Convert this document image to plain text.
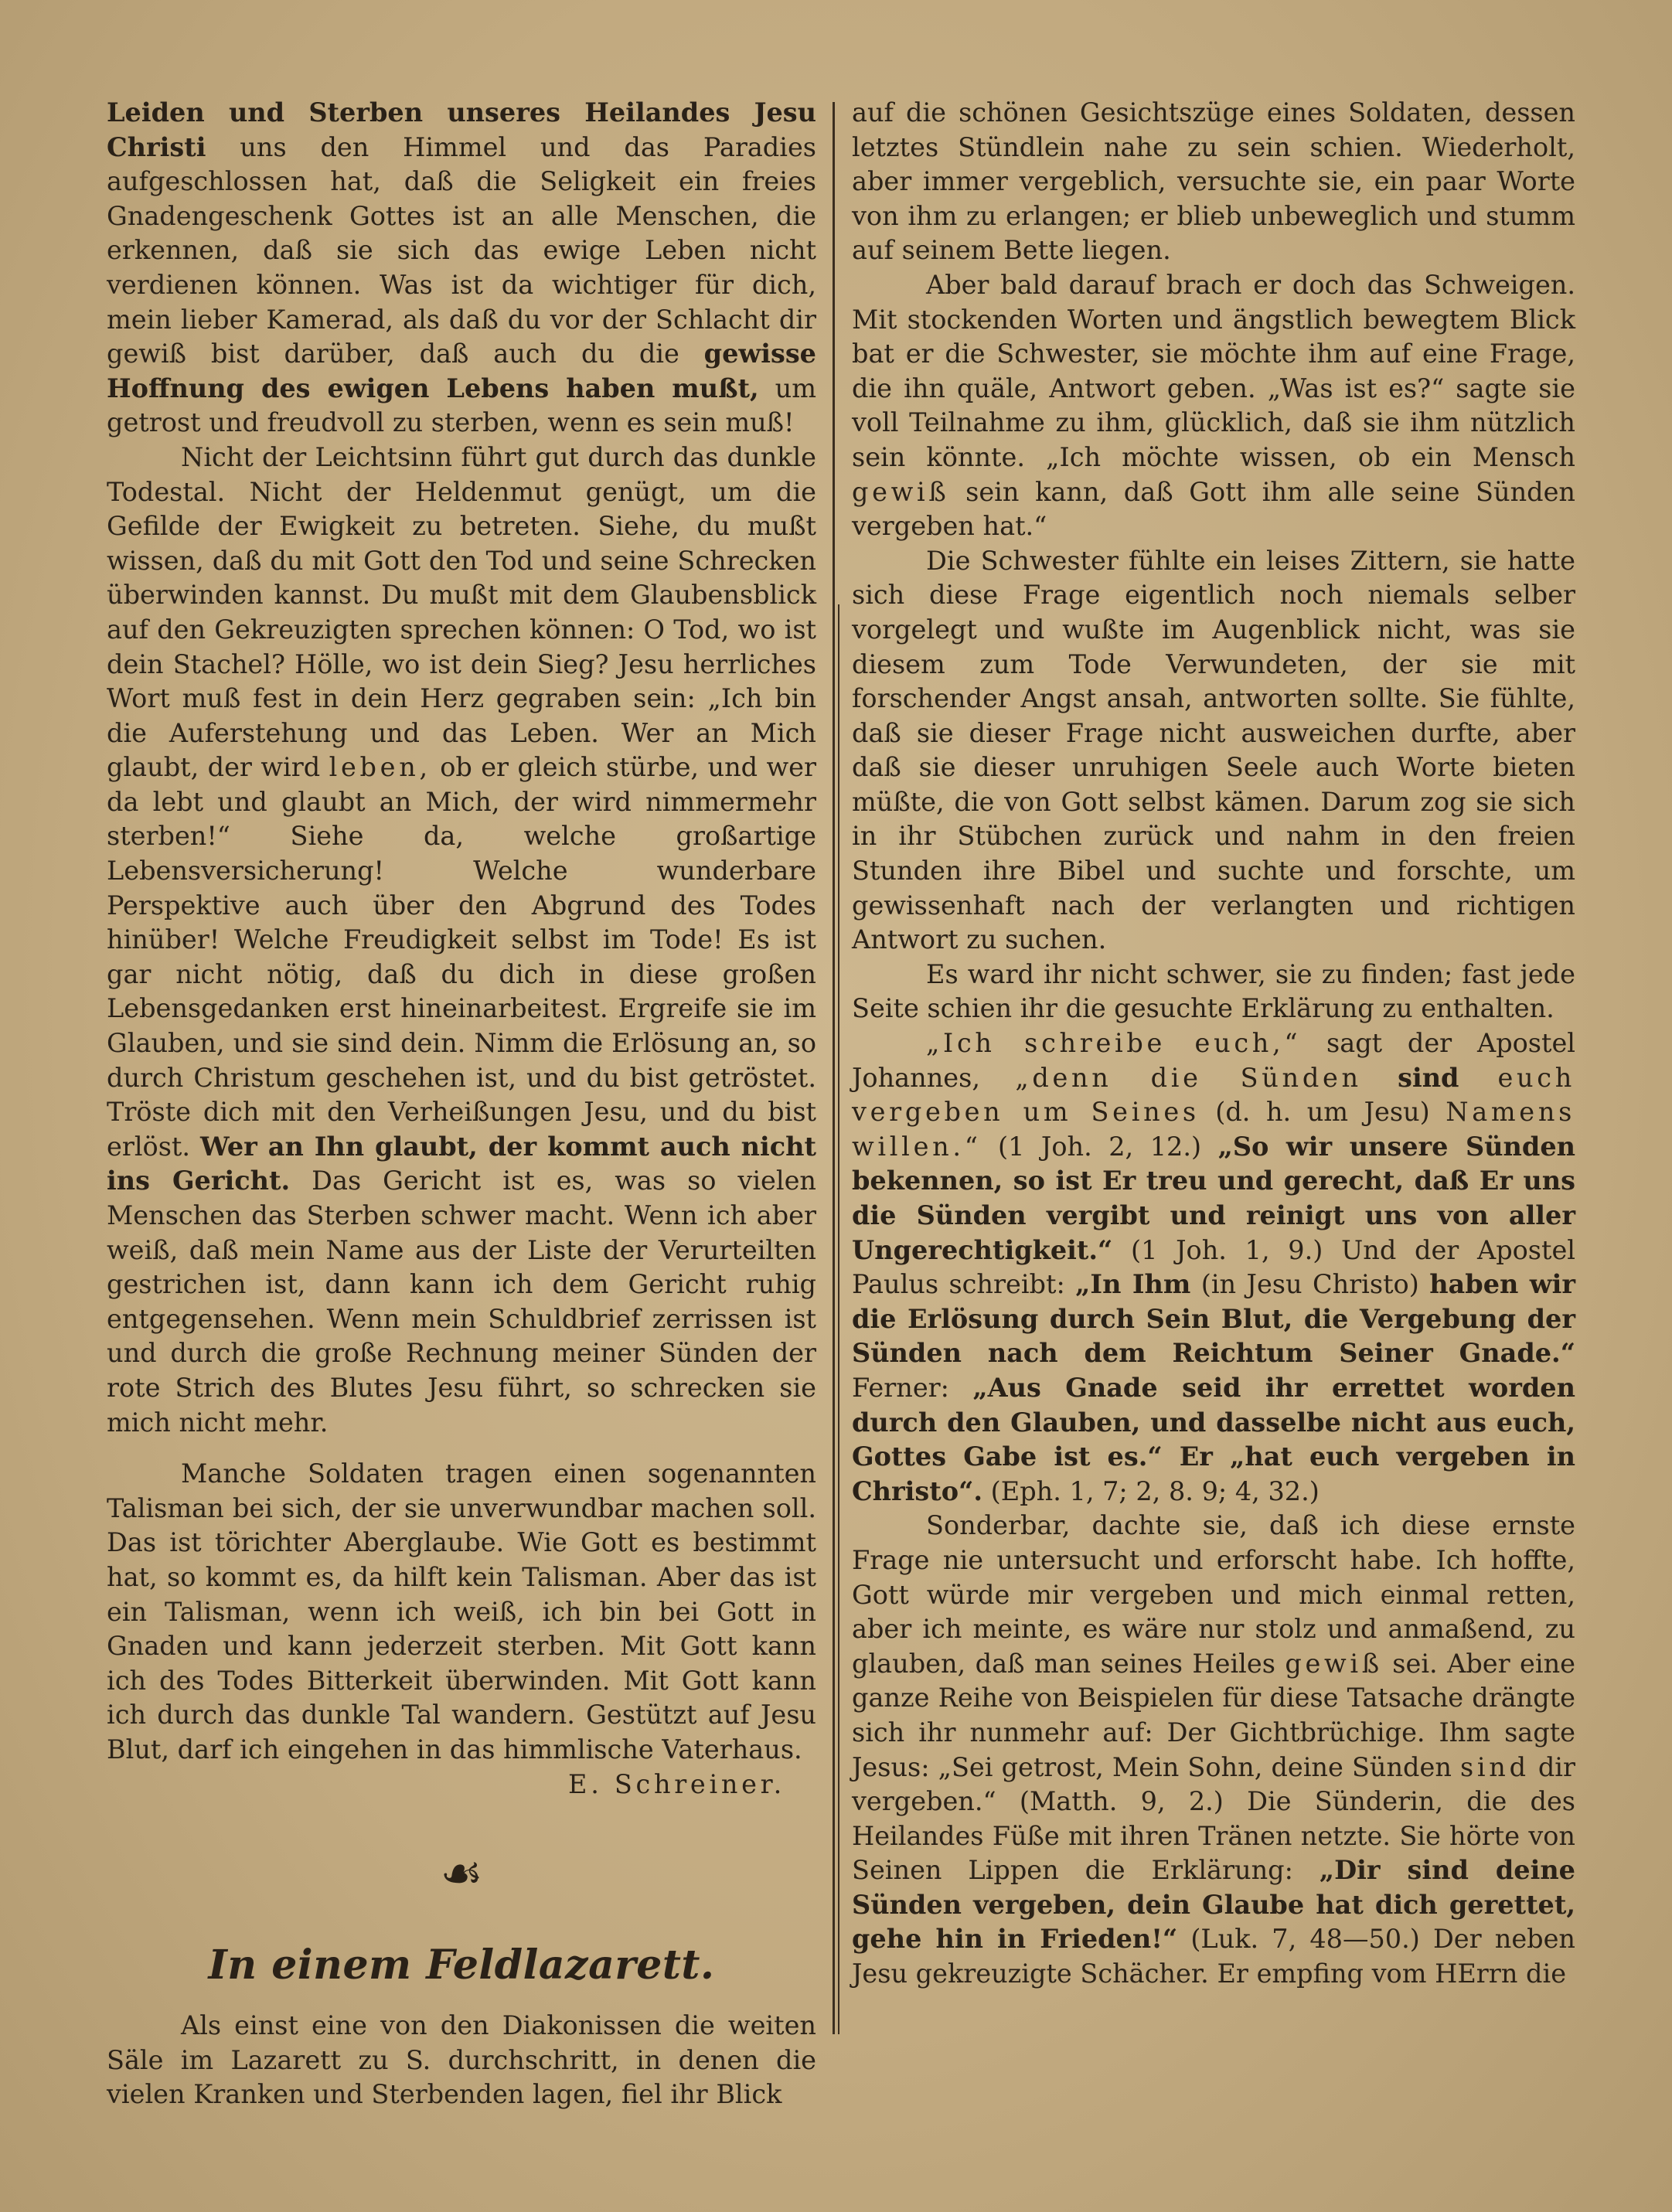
Leiden und Sterben unseres Heilandes Jesu Christi uns den Himmel und das Paradies aufgeschlossen hat, daß die Seligkeit ein freies Gnadengeschenk Gottes ist an alle Menschen, die erkennen, daß sie sich das ewige Leben nicht verdienen können. Was ist da wichtiger für dich, mein lieber Kamerad, als daß du vor der Schlacht dir gewiß bist darüber, daß auch du die gewisse Hoffnung des ewigen Lebens haben mußt, um getrost und freudvoll zu sterben, wenn es sein muß!

Nicht der Leichtsinn führt gut durch das dunkle Todestal. Nicht der Heldenmut genügt, um die Gefilde der Ewigkeit zu betreten. Siehe, du mußt wissen, daß du mit Gott den Tod und seine Schrecken überwinden kannst. Du mußt mit dem Glaubensblick auf den Gekreuzigten sprechen können: O Tod, wo ist dein Stachel? Hölle, wo ist dein Sieg? Jesu herrliches Wort muß fest in dein Herz gegraben sein: „Ich bin die Auferstehung und das Leben. Wer an Mich glaubt, der wird leben, ob er gleich stürbe, und wer da lebt und glaubt an Mich, der wird nimmermehr sterben!“ Siehe da, welche großartige Lebensversicherung! Welche wunderbare Perspektive auch über den Abgrund des Todes hinüber! Welche Freudigkeit selbst im Tode! Es ist gar nicht nötig, daß du dich in diese großen Lebensgedanken erst hineinarbeitest. Ergreife sie im Glauben, und sie sind dein. Nimm die Erlösung an, so durch Christum geschehen ist, und du bist getröstet. Tröste dich mit den Verheißungen Jesu, und du bist erlöst. Wer an Ihn glaubt, der kommt auch nicht ins Gericht. Das Gericht ist es, was so vielen Menschen das Sterben schwer macht. Wenn ich aber weiß, daß mein Name aus der Liste der Verurteilten gestrichen ist, dann kann ich dem Gericht ruhig entgegensehen. Wenn mein Schuldbrief zerrissen ist und durch die große Rechnung meiner Sünden der rote Strich des Blutes Jesu führt, so schrecken sie mich nicht mehr.

Manche Soldaten tragen einen sogenannten Talisman bei sich, der sie unverwundbar machen soll. Das ist törichter Aberglaube. Wie Gott es bestimmt hat, so kommt es, da hilft kein Talisman. Aber das ist ein Talisman, wenn ich weiß, ich bin bei Gott in Gnaden und kann jederzeit sterben. Mit Gott kann ich des Todes Bitterkeit überwinden. Mit Gott kann ich durch das dunkle Tal wandern. Gestützt auf Jesu Blut, darf ich eingehen in das himmlische Vaterhaus.
E. Schreiner.

☙
In einem Feldlazarett.

Als einst eine von den Diakonissen die weiten Säle im Lazarett zu S. durchschritt, in denen die vielen Kranken und Sterbenden lagen, fiel ihr Blick

auf die schönen Gesichtszüge eines Soldaten, dessen letztes Stündlein nahe zu sein schien. Wiederholt, aber immer vergeblich, versuchte sie, ein paar Worte von ihm zu erlangen; er blieb unbeweglich und stumm auf seinem Bette liegen.

Aber bald darauf brach er doch das Schweigen. Mit stockenden Worten und ängstlich bewegtem Blick bat er die Schwester, sie möchte ihm auf eine Frage, die ihn quäle, Antwort geben. „Was ist es?“ sagte sie voll Teilnahme zu ihm, glücklich, daß sie ihm nützlich sein könnte. „Ich möchte wissen, ob ein Mensch gewiß sein kann, daß Gott ihm alle seine Sünden vergeben hat.“

Die Schwester fühlte ein leises Zittern, sie hatte sich diese Frage eigentlich noch niemals selber vorgelegt und wußte im Augenblick nicht, was sie diesem zum Tode Verwundeten, der sie mit forschender Angst ansah, antworten sollte. Sie fühlte, daß sie dieser Frage nicht ausweichen durfte, aber daß sie dieser unruhigen Seele auch Worte bieten müßte, die von Gott selbst kämen. Darum zog sie sich in ihr Stübchen zurück und nahm in den freien Stunden ihre Bibel und suchte und forschte, um gewissenhaft nach der verlangten und richtigen Antwort zu suchen.

Es ward ihr nicht schwer, sie zu finden; fast jede Seite schien ihr die gesuchte Erklärung zu enthalten.

„Ich schreibe euch,“ sagt der Apostel Johannes, „denn die Sünden sind euch vergeben um Seines (d. h. um Jesu) Namens willen.“ (1 Joh. 2, 12.) „So wir unsere Sünden bekennen, so ist Er treu und gerecht, daß Er uns die Sünden vergibt und reinigt uns von aller Ungerechtigkeit.“ (1 Joh. 1, 9.) Und der Apostel Paulus schreibt: „In Ihm (in Jesu Christo) haben wir die Erlösung durch Sein Blut, die Vergebung der Sünden nach dem Reichtum Seiner Gnade.“ Ferner: „Aus Gnade seid ihr errettet worden durch den Glauben, und dasselbe nicht aus euch, Gottes Gabe ist es.“ Er „hat euch vergeben in Christo“. (Eph. 1, 7; 2, 8. 9; 4, 32.)

Sonderbar, dachte sie, daß ich diese ernste Frage nie untersucht und erforscht habe. Ich hoffte, Gott würde mir vergeben und mich einmal retten, aber ich meinte, es wäre nur stolz und anmaßend, zu glauben, daß man seines Heiles gewiß sei. Aber eine ganze Reihe von Beispielen für diese Tatsache drängte sich ihr nunmehr auf: Der Gichtbrüchige. Ihm sagte Jesus: „Sei getrost, Mein Sohn, deine Sünden sind dir vergeben.“ (Matth. 9, 2.) Die Sünderin, die des Heilandes Füße mit ihren Tränen netzte. Sie hörte von Seinen Lippen die Erklärung: „Dir sind deine Sünden vergeben, dein Glaube hat dich gerettet, gehe hin in Frieden!“ (Luk. 7, 48—50.) Der neben Jesu gekreuzigte Schächer. Er empfing vom HErrn die
